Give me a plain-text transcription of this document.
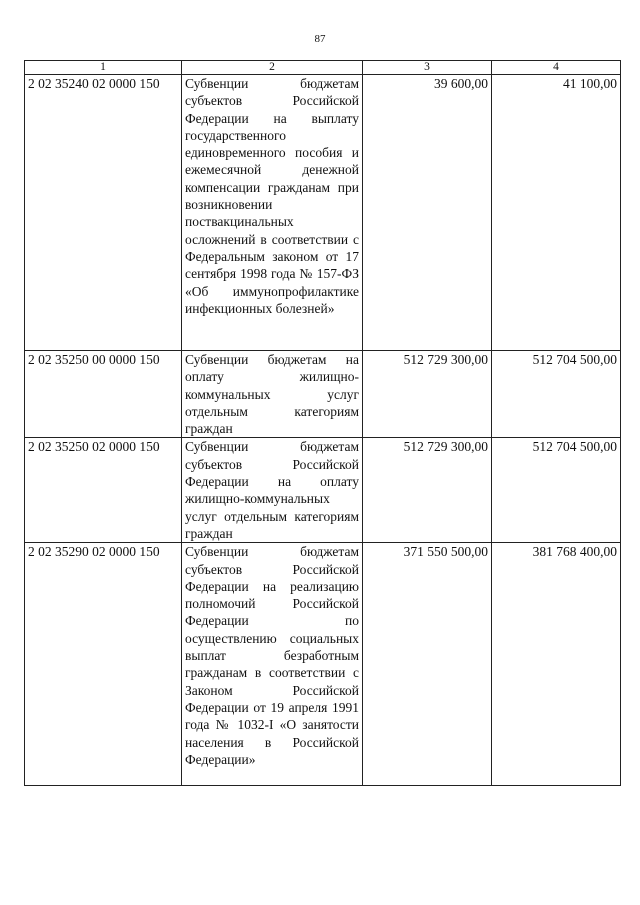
87
1	2	3	4
2 02 35240 02 0000 150	Субвенции бюджетам субъектов Российской Федерации на выплату государственного единовременного пособия и ежемесячной денежной компенсации гражданам при возникновении поствакцинальных осложнений в соответствии с Федеральным законом от 17 сентября 1998 года № 157-ФЗ «Об иммунопрофилактике инфекционных болезней»	39 600,00	41 100,00
2 02 35250 00 0000 150	Субвенции бюджетам на оплату жилищно-коммунальных услуг отдельным категориям граждан	512 729 300,00	512 704 500,00
2 02 35250 02 0000 150	Субвенции бюджетам субъектов Российской Федерации на оплату жилищно-коммунальных услуг отдельным категориям граждан	512 729 300,00	512 704 500,00
2 02 35290 02 0000 150	Субвенции бюджетам субъектов Российской Федерации на реализацию полномочий Российской Федерации по осуществлению социальных выплат безработным гражданам в соответствии с Законом Российской Федерации от 19 апреля 1991 года № 1032-I «О занятости населения в Российской Федерации»	371 550 500,00	381 768 400,00
